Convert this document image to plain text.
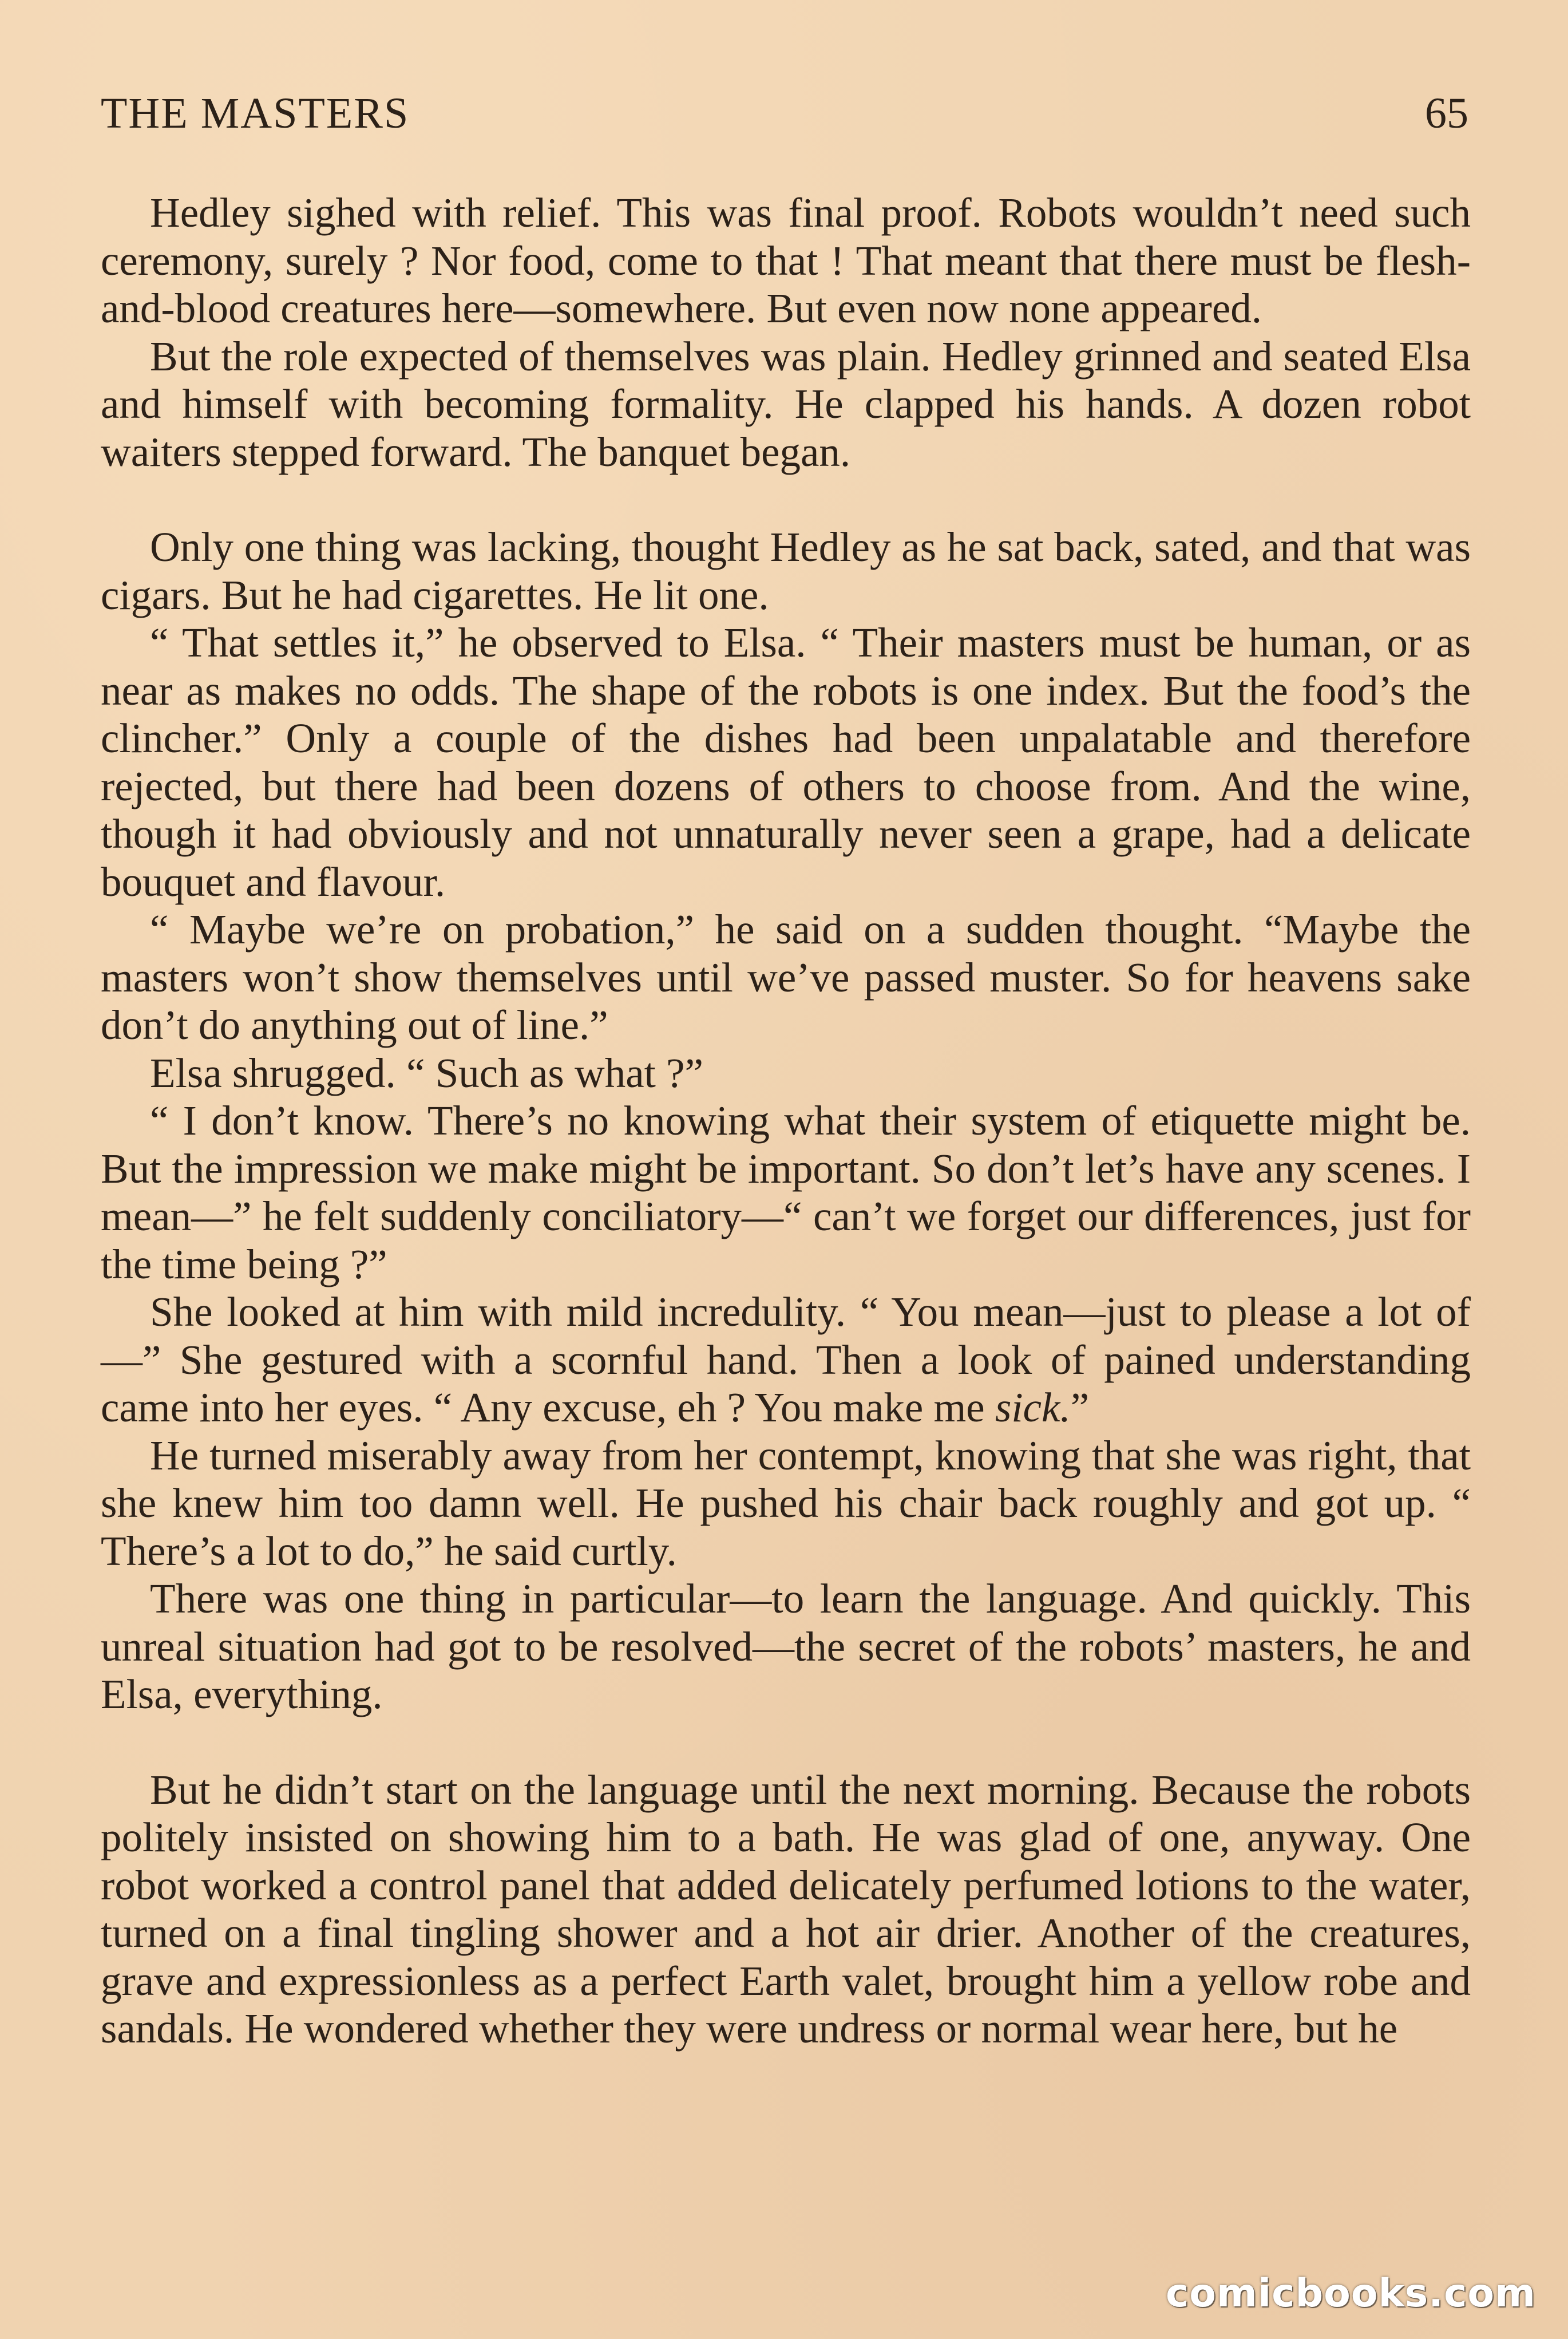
THE MASTERS	65

Hedley sighed with relief. This was final proof. Robots wouldn’t need such ceremony, surely ? Nor food, come to that ! That meant that there must be flesh-and-blood creatures here—somewhere. But even now none appeared.

But the role expected of themselves was plain. Hedley grinned and seated Elsa and himself with becoming formality. He clapped his hands. A dozen robot waiters stepped forward. The banquet began.

Only one thing was lacking, thought Hedley as he sat back, sated, and that was cigars. But he had cigarettes. He lit one.

“ That settles it,” he observed to Elsa. “ Their masters must be human, or as near as makes no odds. The shape of the robots is one index. But the food’s the clincher.” Only a couple of the dishes had been unpalatable and therefore rejected, but there had been dozens of others to choose from. And the wine, though it had obviously and not unnaturally never seen a grape, had a delicate bouquet and flavour.

“ Maybe we’re on probation,” he said on a sudden thought. “Maybe the masters won’t show themselves until we’ve passed muster. So for heavens sake don’t do anything out of line.”

Elsa shrugged. “ Such as what ?”

“ I don’t know. There’s no knowing what their system of etiquette might be. But the impression we make might be important. So don’t let’s have any scenes. I mean—” he felt suddenly conciliatory—“ can’t we forget our differences, just for the time being ?”

She looked at him with mild incredulity. “ You mean—just to please a lot of—” She gestured with a scornful hand. Then a look of pained understanding came into her eyes. “ Any excuse, eh ? You make me sick.”

He turned miserably away from her contempt, knowing that she was right, that she knew him too damn well. He pushed his chair back roughly and got up. “ There’s a lot to do,” he said curtly.

There was one thing in particular—to learn the language. And quickly. This unreal situation had got to be resolved—the secret of the robots’ masters, he and Elsa, everything.

But he didn’t start on the language until the next morning. Because the robots politely insisted on showing him to a bath. He was glad of one, anyway. One robot worked a control panel that added delicately perfumed lotions to the water, turned on a final tingling shower and a hot air drier. Another of the creatures, grave and expressionless as a perfect Earth valet, brought him a yellow robe and sandals. He wondered whether they were undress or normal wear here, but he

comicbooks.com
